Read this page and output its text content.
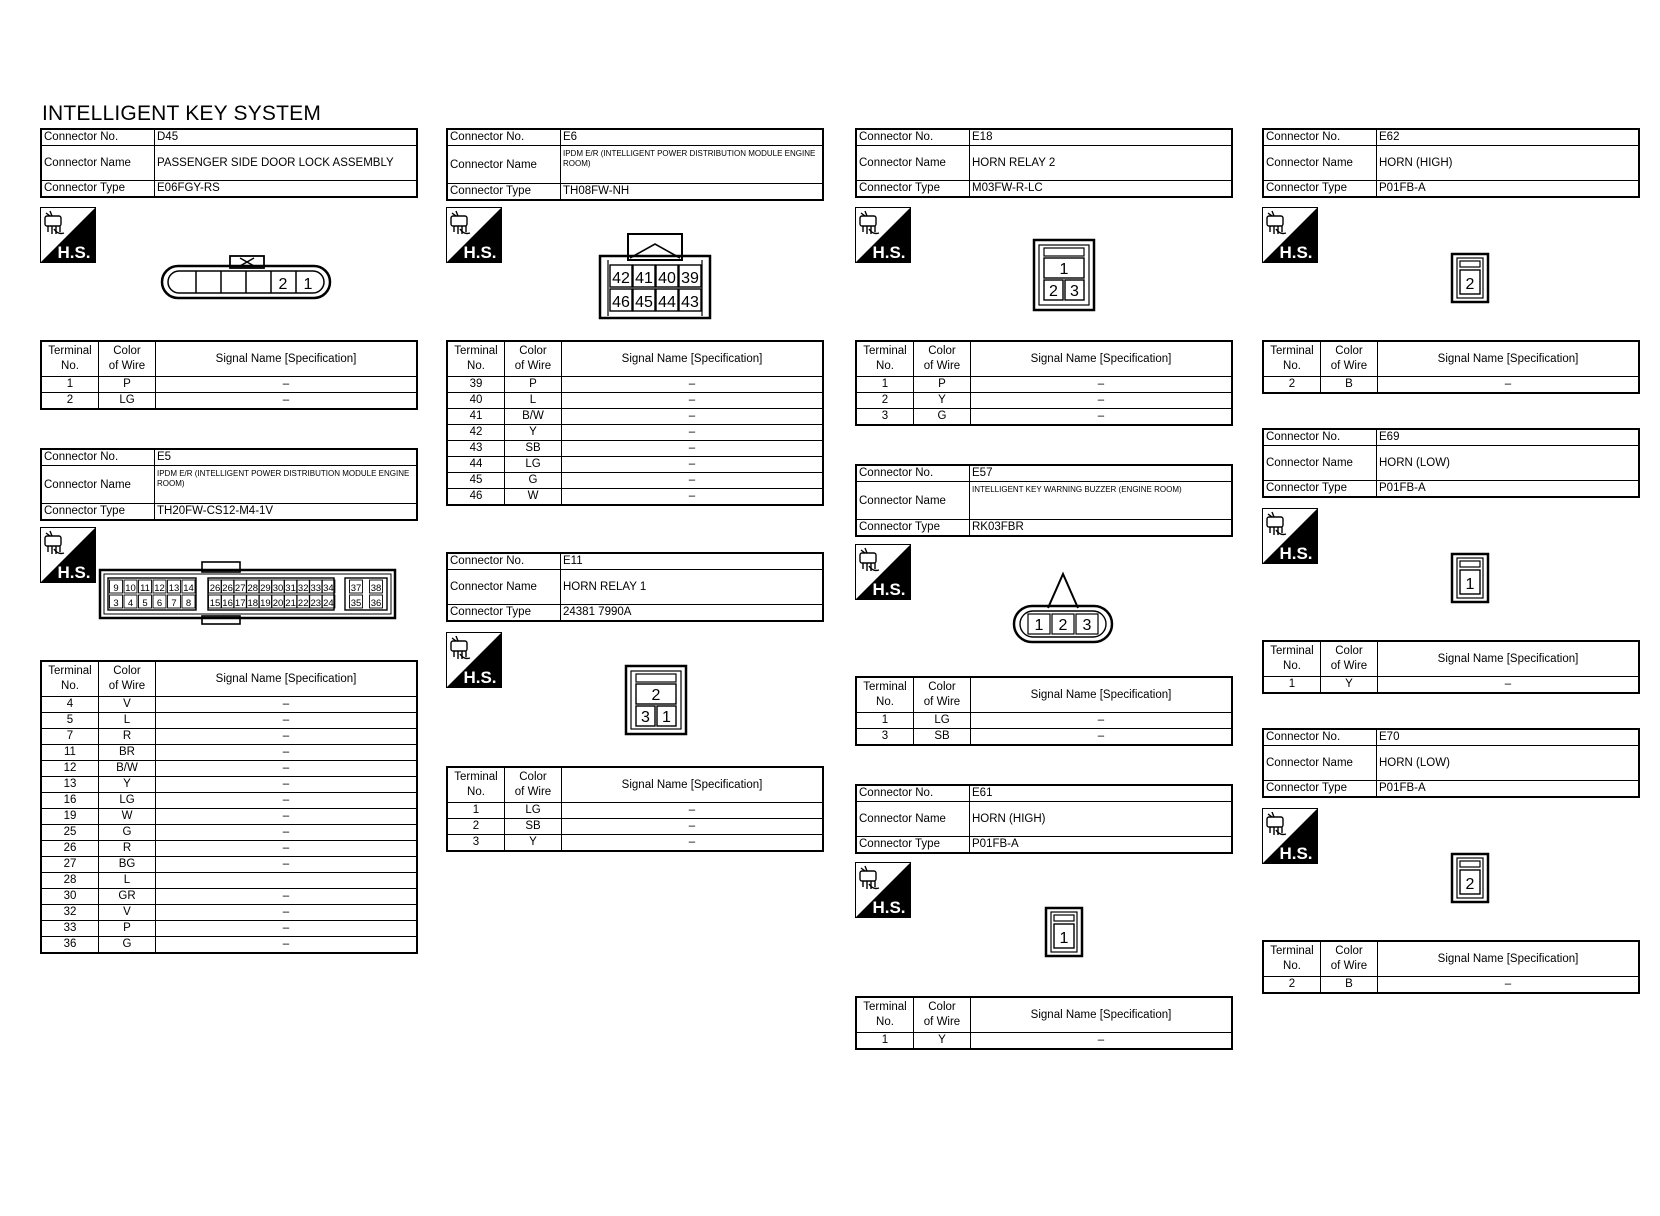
INTELLIGENT KEY SYSTEM
Connector No.	D45
Connector Name	PASSENGER SIDE DOOR LOCK ASSEMBLY
Connector Type	E06FGY-RS
H.S.
2 1
Terminal
No.	Color
of Wire	Signal Name [Specification]
1	P	–
2	LG	–
Connector No.	E5
Connector Name	IPDM E/R (INTELLIGENT POWER DISTRIBUTION MODULE ENGINE ROOM)
Connector Type	TH20FW-CS12-M4-1V
H.S.
9
3
10
4
11
5
12
6
13
7
14
8
26
15
26
16
27
17
28
18
29
19
30
20
31
21
32
22
33
23
34
24
37
35
38
36
Terminal
No.	Color
of Wire	Signal Name [Specification]
4	V	–
5	L	–
7	R	–
11	BR	–
12	B/W	–
13	Y	–
16	LG	–
19	W	–
25	G	–
26	R	–
27	BG	–
28	L	
30	GR	–
32	V	–
33	P	–
36	G	–
Connector No.	E6
Connector Name	IPDM E/R (INTELLIGENT POWER DISTRIBUTION MODULE ENGINE ROOM)
Connector Type	TH08FW-NH
H.S.
42
46
41
45
40
44
39
43
Terminal
No.	Color
of Wire	Signal Name [Specification]
39	P	–
40	L	–
41	B/W	–
42	Y	–
43	SB	–
44	LG	–
45	G	–
46	W	–
Connector No.	E11
Connector Name	HORN RELAY 1
Connector Type	24381 7990A
H.S.
2
3 1
Terminal
No.	Color
of Wire	Signal Name [Specification]
1	LG	–
2	SB	–
3	Y	–
Connector No.	E18
Connector Name	HORN RELAY 2
Connector Type	M03FW-R-LC
H.S.
1
2 3
Terminal
No.	Color
of Wire	Signal Name [Specification]
1	P	–
2	Y	–
3	G	–
Connector No.	E57
Connector Name	INTELLIGENT KEY WARNING BUZZER (ENGINE ROOM)
Connector Type	RK03FBR
H.S.
1 2 3
Terminal
No.	Color
of Wire	Signal Name [Specification]
1	LG	–
3	SB	–
Connector No.	E61
Connector Name	HORN (HIGH)
Connector Type	P01FB-A
H.S.
1
Terminal
No.	Color
of Wire	Signal Name [Specification]
1	Y	–
Connector No.	E62
Connector Name	HORN (HIGH)
Connector Type	P01FB-A
H.S.
2
Terminal
No.	Color
of Wire	Signal Name [Specification]
2	B	–
Connector No.	E69
Connector Name	HORN (LOW)
Connector Type	P01FB-A
H.S.
1
Terminal
No.	Color
of Wire	Signal Name [Specification]
1	Y	–
Connector No.	E70
Connector Name	HORN (LOW)
Connector Type	P01FB-A
H.S.
2
Terminal
No.	Color
of Wire	Signal Name [Specification]
2	B	–
